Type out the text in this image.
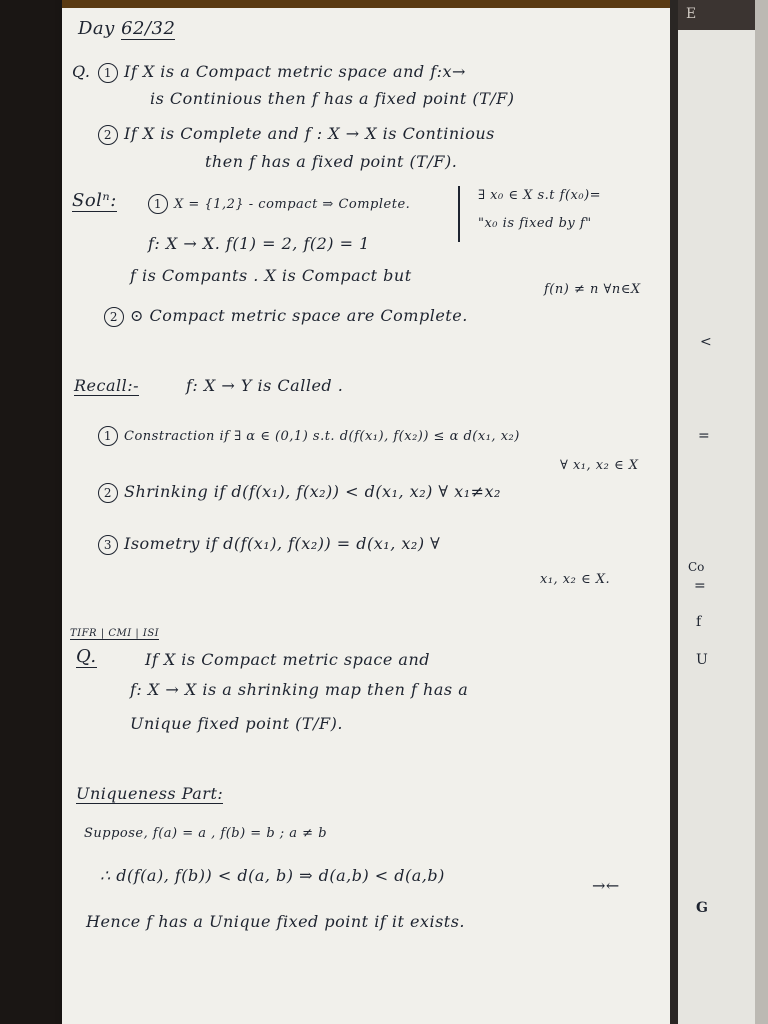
Day 62/32
Q.	1 If X is a Compact metric space and f:x→
is Continious then f has a fixed point (T/F)
2 If X is Complete and f : X → X is Continious
then f has a fixed point (T/F).
Solⁿ:	1 X = {1,2} - compact ⇒ Complete.
∃ x₀ ∈ X s.t f(x₀)=
"x₀ is fixed by f"
f: X → X. f(1) = 2, f(2) = 1
f is Compants . X is Compact but
f(n) ≠ n ∀n∈X
2 ⊙ Compact metric space are Complete.
Recall:-	f: X → Y is Called .
1 Constraction if ∃ α ∈ (0,1) s.t. d(f(x₁), f(x₂)) ≤ α d(x₁, x₂)
∀ x₁, x₂ ∈ X
2 Shrinking if d(f(x₁), f(x₂)) < d(x₁, x₂) ∀ x₁≠x₂
3 Isometry if d(f(x₁), f(x₂)) = d(x₁, x₂) ∀
x₁, x₂ ∈ X.
TIFR | CMI | ISI
Q.	If X is Compact metric space and
f: X → X is a shrinking map then f has a
Unique fixed point (T/F).
Uniqueness Part:
Suppose, f(a) = a , f(b) = b ; a ≠ b
∴ d(f(a), f(b)) < d(a, b) ⇒ d(a,b) < d(a,b)
→←
Hence f has a Unique fixed point if it exists.
E
<
=
Co
=
f
U
G
